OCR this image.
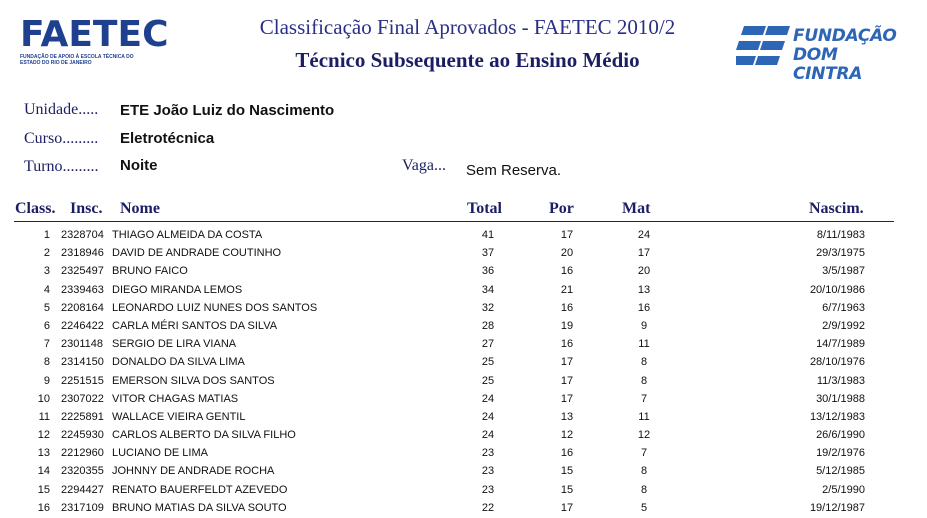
FAETEC
FUNDAÇÃO DE APOIO À ESCOLA TÉCNICA DO ESTADO DO RIO DE JANEIRO
Classificação Final Aprovados - FAETEC 2010/2
Técnico Subsequente ao Ensino Médio
FUNDAÇÃO
DOM CINTRA
Unidade..... ETE João Luiz do Nascimento
Curso......... Eletrotécnica
Turno......... Noite	Vaga... Sem Reserva.
Class. Insc. Nome	Total	Por	Mat	Nascim.
1 2328704 THIAGO ALMEIDA DA COSTA	41	17	24	8/11/1983
2 2318946 DAVID DE ANDRADE COUTINHO	37	20	17	29/3/1975
3 2325497 BRUNO FAICO	36	16	20	3/5/1987
4 2339463 DIEGO MIRANDA LEMOS	34	21	13	20/10/1986
5 2208164 LEONARDO LUIZ NUNES DOS SANTOS	32	16	16	6/7/1963
6 2246422 CARLA MÉRI SANTOS DA SILVA	28	19	9	2/9/1992
7 2301148 SERGIO DE LIRA VIANA	27	16	11	14/7/1989
8 2314150 DONALDO DA SILVA LIMA	25	17	8	28/10/1976
9 2251515 EMERSON SILVA DOS SANTOS	25	17	8	11/3/1983
10 2307022 VITOR CHAGAS MATIAS	24	17	7	30/1/1988
11 2225891 WALLACE VIEIRA GENTIL	24	13	11	13/12/1983
12 2245930 CARLOS ALBERTO DA SILVA FILHO	24	12	12	26/6/1990
13 2212960 LUCIANO DE LIMA	23	16	7	19/2/1976
14 2320355 JOHNNY DE ANDRADE ROCHA	23	15	8	5/12/1985
15 2294427 RENATO BAUERFELDT AZEVEDO	23	15	8	2/5/1990
16 2317109 BRUNO MATIAS DA SILVA SOUTO	22	17	5	19/12/1987
